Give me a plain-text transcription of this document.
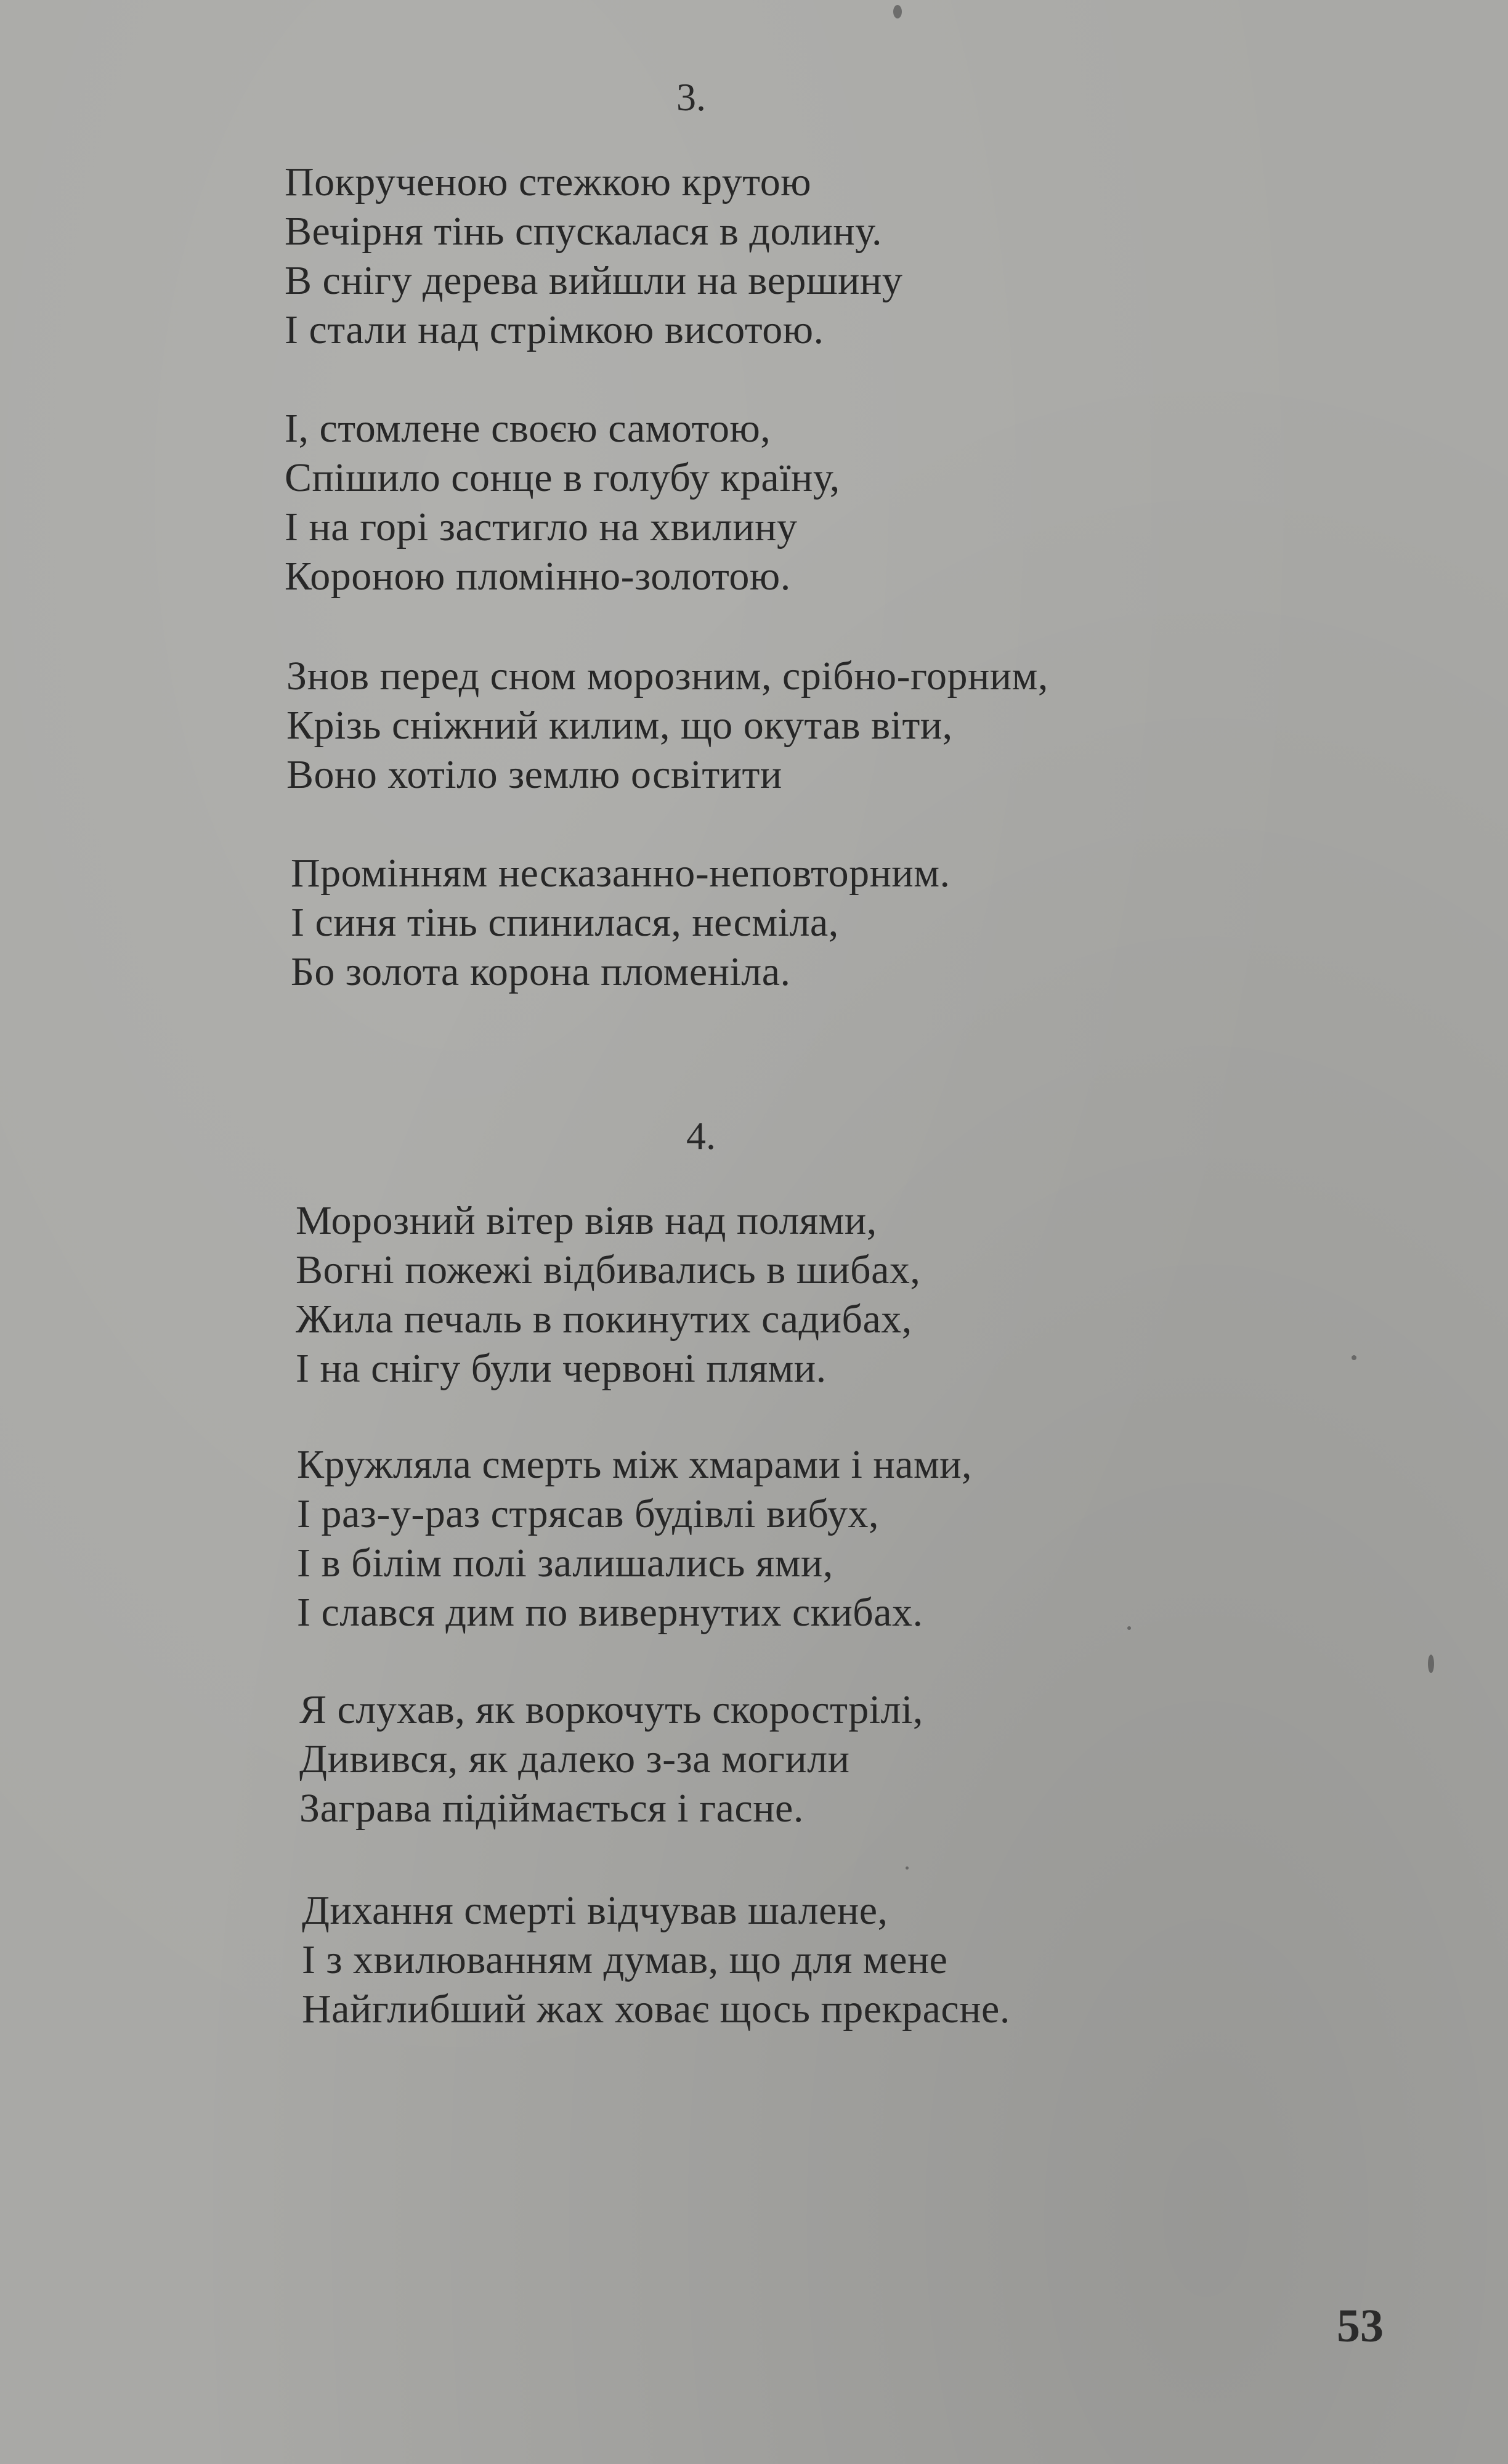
3.
Покрученою стежкою крутою
Вечірня тінь спускалася в долину.
В снігу дерева вийшли на вершину
І стали над стрімкою висотою.
І, стомлене своєю самотою,
Спішило сонце в голубу країну,
І на горі застигло на хвилину
Короною пломінно-золотою.
Знов перед сном морозним, срібно-горним,
Крізь сніжний килим, що окутав віти,
Воно хотіло землю освітити
Промінням несказанно-неповторним.
І синя тінь спинилася, несміла,
Бо золота корона пломеніла.
4.
Морозний вітер віяв над полями,
Вогні пожежі відбивались в шибах,
Жила печаль в покинутих садибах,
І на снігу були червоні плями.
Кружляла смерть між хмарами і нами,
І раз-у-раз стрясав будівлі вибух,
І в білім полі залишались ями,
І слався дим по вивернутих скибах.
Я слухав, як воркочуть скорострілі,
Дивився, як далеко з-за могили
Заграва підіймається і гасне.
Дихання смерті відчував шалене,
І з хвилюванням думав, що для мене
Найглибший жах ховає щось прекрасне.
53
